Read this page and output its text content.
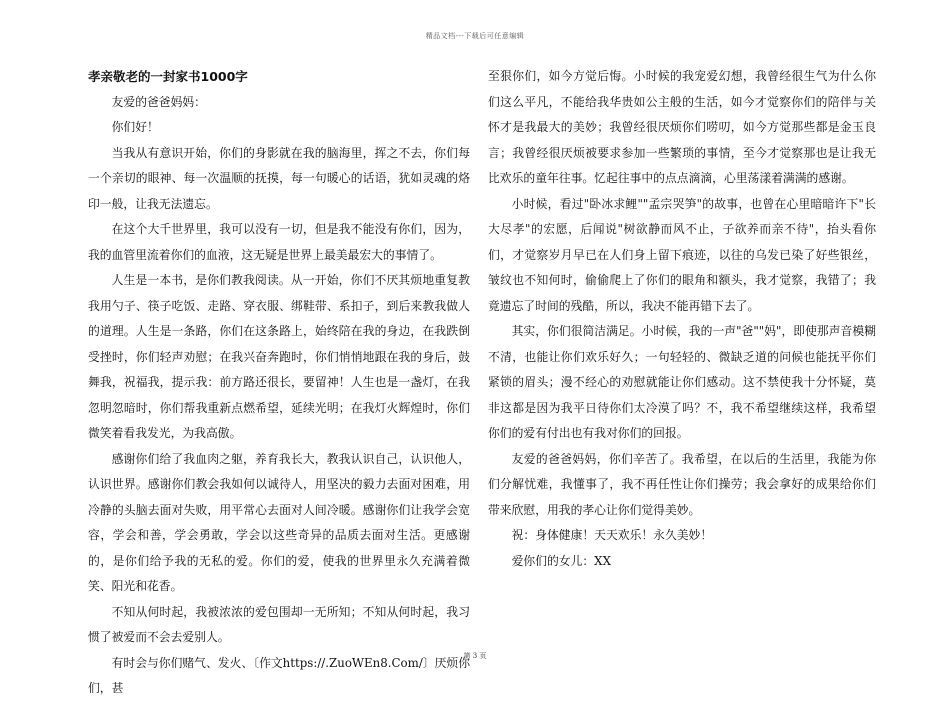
精品文档---下载后可任意编辑
孝亲敬老的一封家书1000字

友爱的爸爸妈妈：

你们好！

当我从有意识开始，你们的身影就在我的脑海里，挥之不去，你们每一个亲切的眼神、每一次温顺的抚摸，每一句暖心的话语，犹如灵魂的烙印一般，让我无法遗忘。

在这个大千世界里，我可以没有一切，但是我不能没有你们，因为，我的血管里流着你们的血液，这无疑是世界上最美最宏大的事情了。

人生是一本书，是你们教我阅读。从一开始，你们不厌其烦地重复教我用勺子、筷子吃饭、走路、穿衣服、绑鞋带、系扣子，到后来教我做人的道理。人生是一条路，你们在这条路上，始终陪在我的身边，在我跌倒受挫时，你们轻声劝慰；在我兴奋奔跑时，你们悄悄地跟在我的身后，鼓舞我，祝福我，提示我：前方路还很长，要留神！人生也是一盏灯，在我忽明忽暗时，你们帮我重新点燃希望，延续光明；在我灯火辉煌时，你们微笑着看我发光，为我高傲。

感谢你们给了我血肉之躯，养育我长大，教我认识自己，认识他人，认识世界。感谢你们教会我如何以诚待人，用坚决的毅力去面对困难，用冷静的头脑去面对失败，用平常心去面对人间冷暖。感谢你们让我学会宽容，学会和善，学会勇敢，学会以这些奇异的品质去面对生活。更感谢的，是你们给予我的无私的爱。你们的爱，使我的世界里永久充满着微笑、阳光和花香。

不知从何时起，我被浓浓的爱包围却一无所知；不知从何时起，我习惯了被爱而不会去爱别人。

有时会与你们赌气、发火、〔作文https://.ZuoWEn8.Com/〕厌烦你们，甚

至狠你们，如今方觉后悔。小时候的我宠爱幻想，我曾经很生气为什么你们这么平凡，不能给我华贵如公主般的生活，如今才觉察你们的陪伴与关怀才是我最大的美妙；我曾经很厌烦你们唠叨，如今方觉那些都是金玉良言；我曾经很厌烦被要求参加一些繁琐的事情，至今才觉察那也是让我无比欢乐的童年往事。忆起往事中的点点滴滴，心里荡漾着满满的感谢。

小时候，看过"卧冰求鲤""孟宗哭笋"的故事，也曾在心里暗暗许下"长大尽孝"的宏愿，后闻说"树欲静而风不止，子欲养而亲不待"，抬头看你们，才觉察岁月早已在人们身上留下痕迹，以往的乌发已染了好些银丝，皱纹也不知何时，偷偷爬上了你们的眼角和额头，我才觉察，我错了；我竟遗忘了时间的残酷，所以，我决不能再错下去了。

其实，你们很简洁满足。小时候，我的一声"爸""妈"，即使那声音模糊不清，也能让你们欢乐好久；一句轻轻的、微缺乏道的问候也能抚平你们紧锁的眉头；漫不经心的劝慰就能让你们感动。这不禁使我十分怀疑，莫非这都是因为我平日待你们太冷漠了吗？不，我不希望继续这样，我希望你们的爱有付出也有我对你们的回报。

友爱的爸爸妈妈，你们辛苦了。我希望，在以后的生活里，我能为你们分解忧难，我懂事了，我不再任性让你们操劳；我会拿好的成果给你们带来欣慰，用我的孝心让你们觉得美妙。

祝：身体健康！天天欢乐！永久美妙！

爱你们的女儿：XX

第 3 页
